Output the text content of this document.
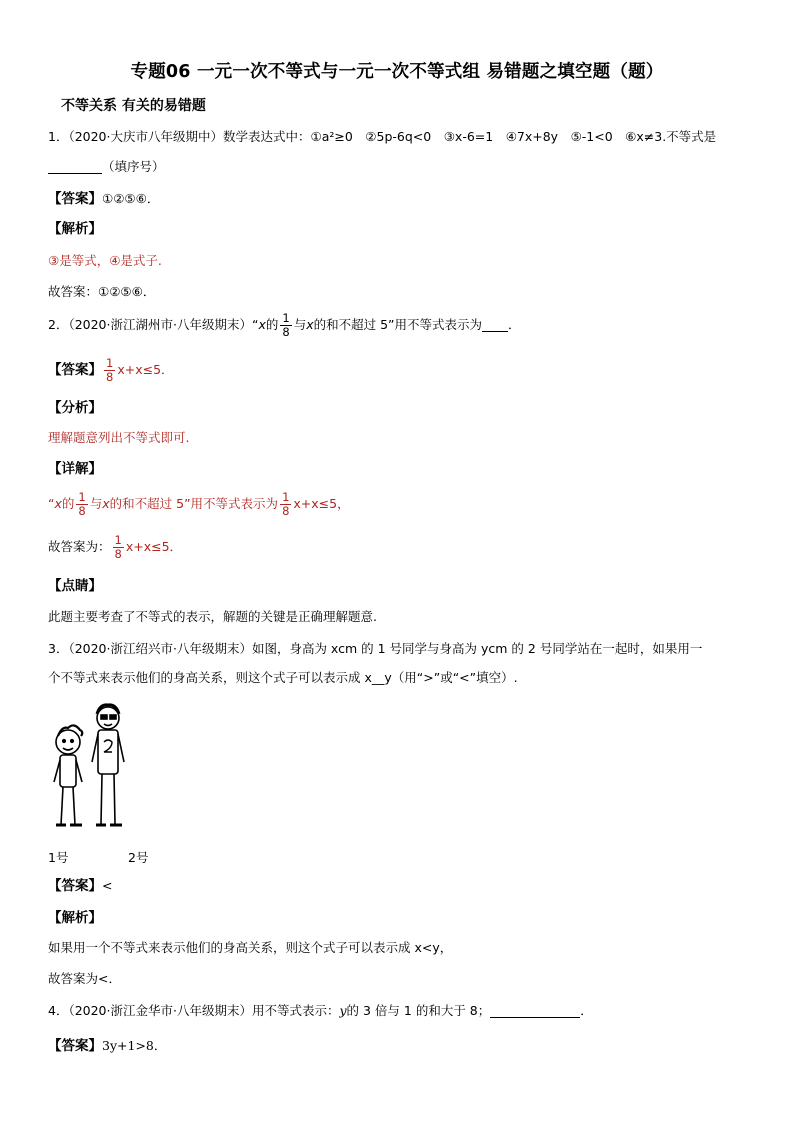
专题06 一元一次不等式与一元一次不等式组 易错题之填空题（题）
不等关系 有关的易错题
1．（2020·大庆市八年级期中）数学表达式中：①a²≥0　②5p-6q<0　③x-6=1　④7x+8y　⑤-1<0　⑥x≠3.不等式是
（填序号）
【答案】①②⑤⑥．
【解析】
③是等式，④是式子.
故答案：①②⑤⑥．
2．（2020·浙江湖州市·八年级期末）“x的 $\frac{1}{8}$ 与x的和不超过 5”用不等式表示为 ．
【答案】 $\frac{1}{8} x+x\le 5$．
【分析】
理解题意列出不等式即可.
【详解】
“x的 $\frac{1}{8}$ 与x的和不超过 5”用不等式表示为 $\frac{1}{8} x+x\le 5$，
故答案为： $\frac{1}{8} x+x\le 5$．
【点睛】
此题主要考查了不等式的表示，解题的关键是正确理解题意.
3．（2020·浙江绍兴市·八年级期末）如图，身高为 xcm 的 1 号同学与身高为 ycm 的 2 号同学站在一起时，如果用一
个不等式来表示他们的身高关系，则这个式子可以表示成 x__y（用“>”或“<”填空）.
1号	2号
【答案】<
【解析】
如果用一个不等式来表示他们的身高关系，则这个式子可以表示成 x<y，
故答案为<．
4．（2020·浙江金华市·八年级期末）用不等式表示：y的 3 倍与 1 的和大于 8；	．
【答案】3y+1>8．
